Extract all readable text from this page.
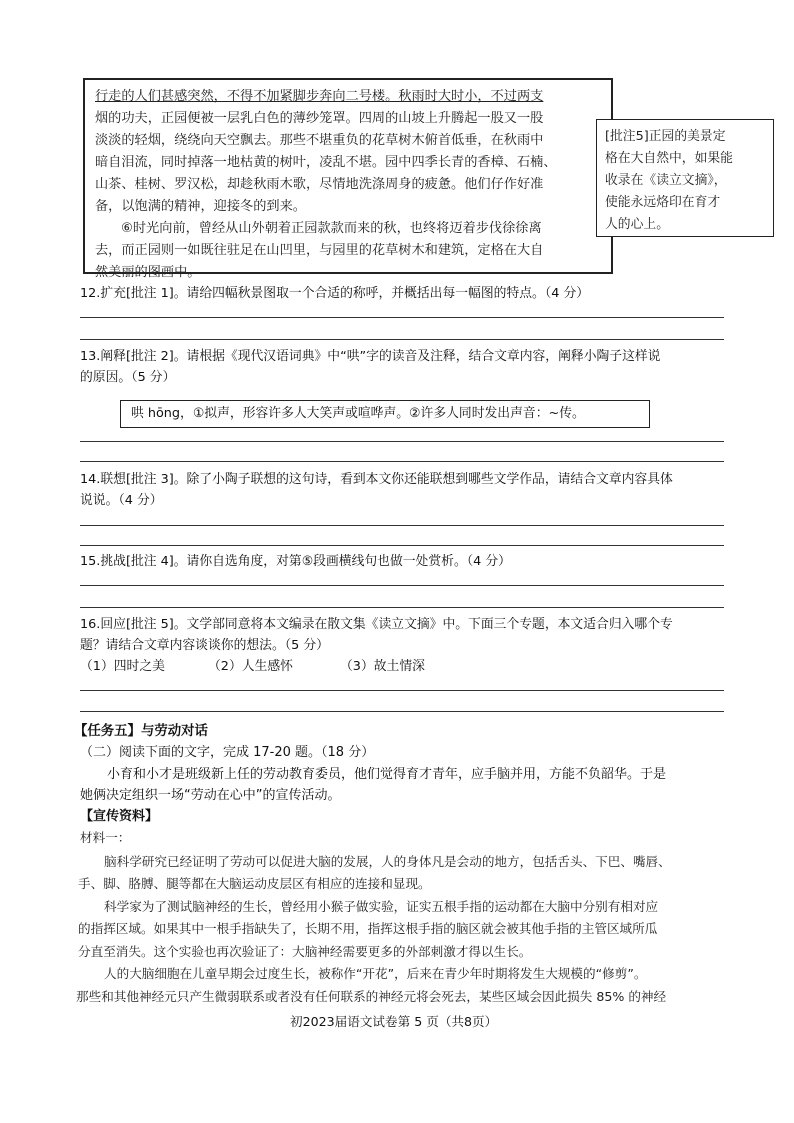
行走的人们甚感突然，不得不加紧脚步奔向二号楼。秋雨时大时小，不过两支
烟的功夫，正园便被一层乳白色的薄纱笼罩。四周的山坡上升腾起一股又一股
淡淡的轻烟，绕绕向天空飘去。那些不堪重负的花草树木俯首低垂，在秋雨中
暗自泪流，同时掉落一地枯黄的树叶，凌乱不堪。园中四季长青的香樟、石楠、
山茶、桂树、罗汉松，却趁秋雨木歌，尽情地洗涤周身的疲惫。他们仔作好准
备，以饱满的精神，迎接冬的到来。
⑥时光向前，曾经从山外朝着正园款款而来的秋，也终将迈着步伐徐徐离
去，而正园则一如既往驻足在山凹里，与园里的花草树木和建筑，定格在大自
然美丽的图画中。
[批注5]正园的美景定
格在大自然中，如果能
收录在《读立文摘》，
使能永远烙印在育才
人的心上。
12.扩充[批注 1]。请给四幅秋景图取一个合适的称呼，并概括出每一幅图的特点。（4 分）
13.阐释[批注 2]。请根据《现代汉语词典》中“哄”字的读音及注释，结合文章内容，阐释小陶子这样说
的原因。（5 分）
哄 hōng，①拟声，形容许多人大笑声或喧哗声。②许多人同时发出声音：~传。
14.联想[批注 3]。除了小陶子联想的这句诗，看到本文你还能联想到哪些文学作品，请结合文章内容具体
说说。（4 分）
15.挑战[批注 4]。请你自选角度，对第⑤段画横线句也做一处赏析。（4 分）
16.回应[批注 5]。文学部同意将本文编录在散文集《读立文摘》中。下面三个专题，本文适合归入哪个专
题？请结合文章内容谈谈你的想法。（5 分）
（1）四时之美	（2）人生感怀	（3）故土情深
【任务五】与劳动对话
（二）阅读下面的文字，完成 17-20 题。（18 分）
小育和小才是班级新上任的劳动教育委员，他们觉得育才青年，应手脑并用，方能不负韶华。于是
她俩决定组织一场“劳动在心中”的宣传活动。
【宣传资料】
材料一：
脑科学研究已经证明了劳动可以促进大脑的发展，人的身体凡是会动的地方，包括舌头、下巴、嘴唇、
手、脚、胳膊、腿等都在大脑运动皮层区有相应的连接和显现。
科学家为了测试脑神经的生长，曾经用小猴子做实验，证实五根手指的运动都在大脑中分别有相对应
的指挥区域。如果其中一根手指缺失了，长期不用，指挥这根手指的脑区就会被其他手指的主管区域所瓜
分直至消失。这个实验也再次验证了：大脑神经需要更多的外部刺激才得以生长。
人的大脑细胞在儿童早期会过度生长，被称作“开花”，后来在青少年时期将发生大规模的“修剪”。
那些和其他神经元只产生微弱联系或者没有任何联系的神经元将会死去，某些区域会因此损失 85% 的神经
初2023届语文试卷第 5 页（共8页）
